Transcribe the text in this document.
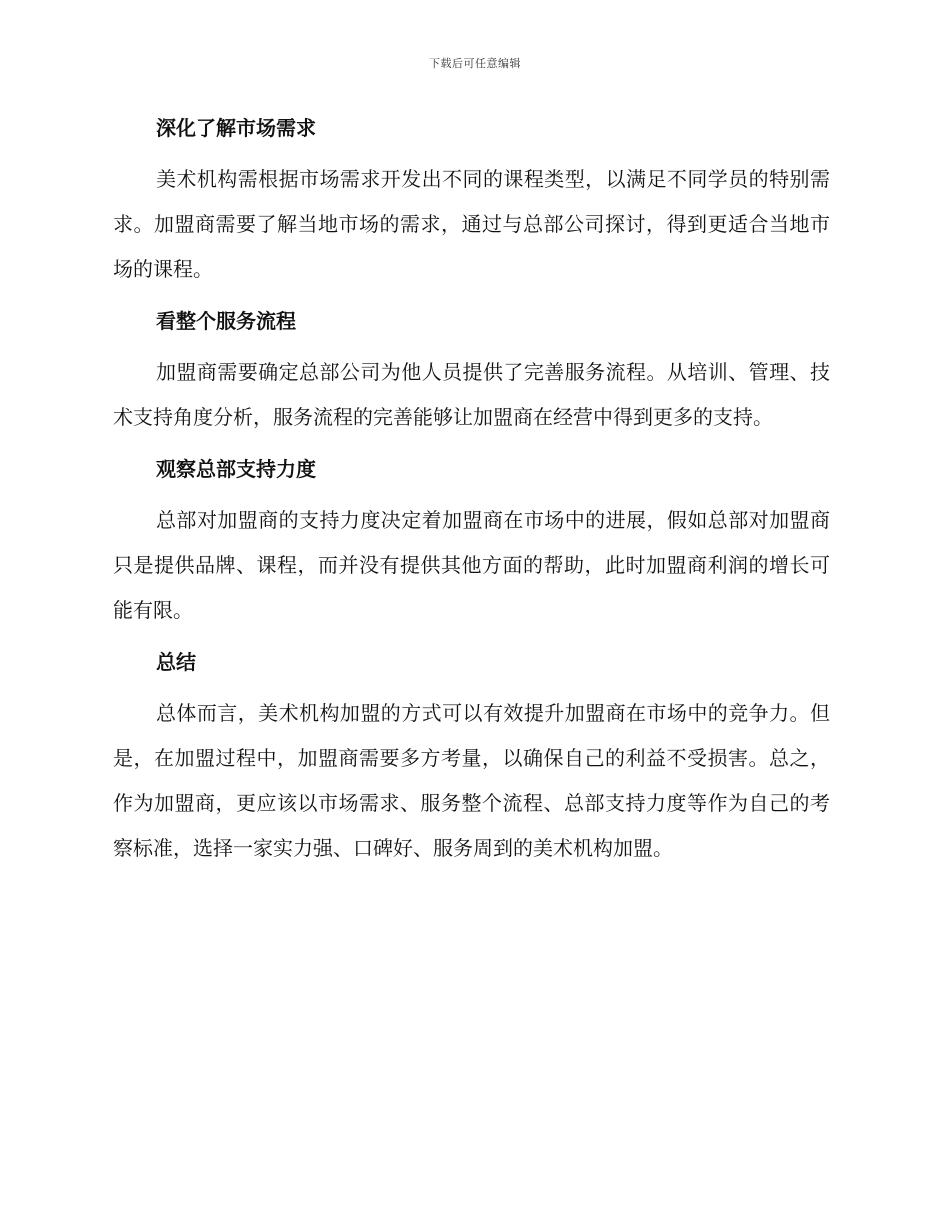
下载后可任意编辑

深化了解市场需求

美术机构需根据市场需求开发出不同的课程类型，以满足不同学员的特别需求。加盟商需要了解当地市场的需求，通过与总部公司探讨，得到更适合当地市场的课程。

看整个服务流程

加盟商需要确定总部公司为他人员提供了完善服务流程。从培训、管理、技术支持角度分析，服务流程的完善能够让加盟商在经营中得到更多的支持。

观察总部支持力度

总部对加盟商的支持力度决定着加盟商在市场中的进展，假如总部对加盟商只是提供品牌、课程，而并没有提供其他方面的帮助，此时加盟商利润的增长可能有限。

总结

总体而言，美术机构加盟的方式可以有效提升加盟商在市场中的竞争力。但是，在加盟过程中，加盟商需要多方考量，以确保自己的利益不受损害。总之，作为加盟商，更应该以市场需求、服务整个流程、总部支持力度等作为自己的考察标准，选择一家实力强、口碑好、服务周到的美术机构加盟。
